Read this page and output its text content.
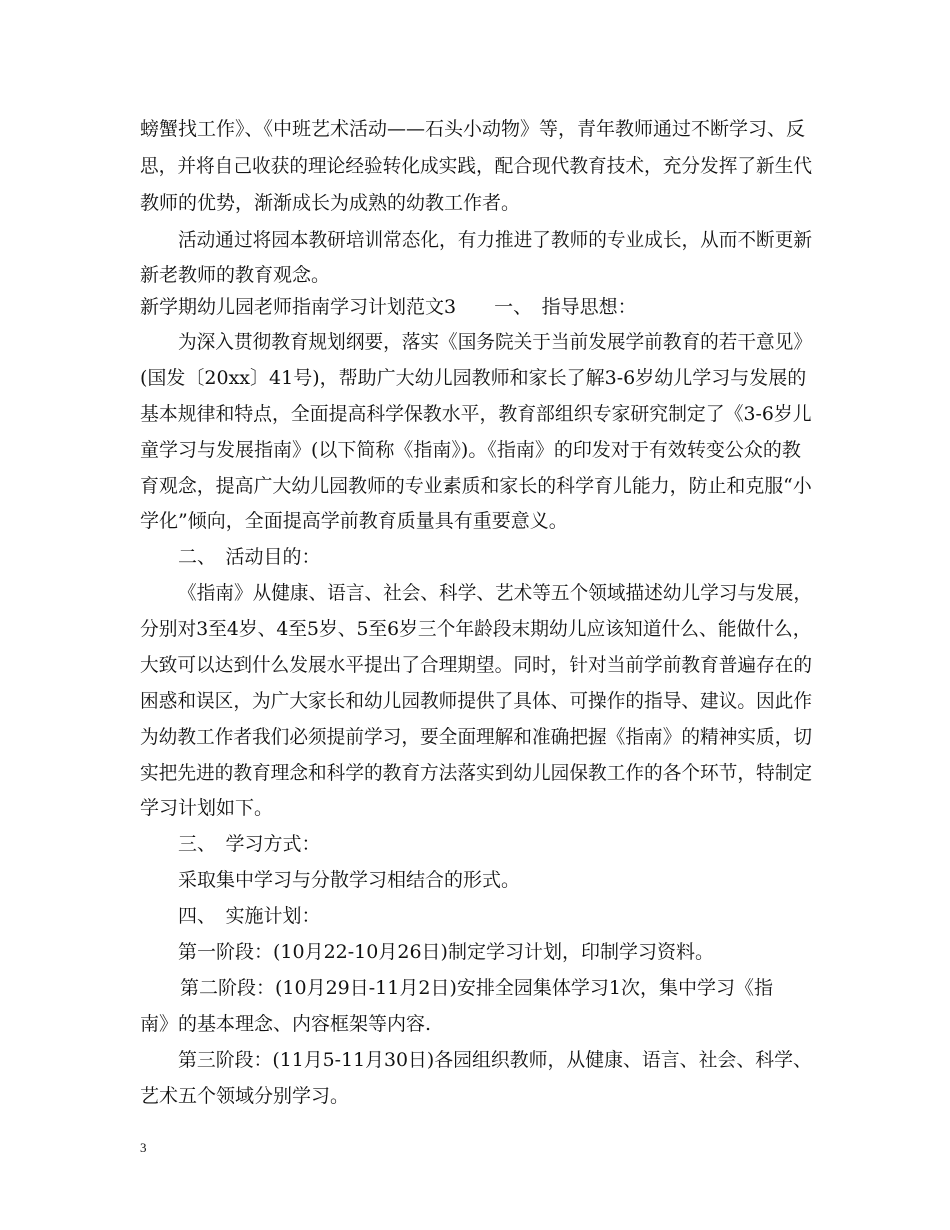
螃蟹找工作》、《中班艺术活动——石头小动物》等，青年教师通过不断学习、反
思，并将自己收获的理论经验转化成实践，配合现代教育技术，充分发挥了新生代
教师的优势，渐渐成长为成熟的幼教工作者。
活动通过将园本教研培训常态化，有力推进了教师的专业成长，从而不断更新
新老教师的教育观念。
新学期幼儿园老师指南学习计划范文3　　一、　指导思想：
为深入贯彻教育规划纲要，落实《国务院关于当前发展学前教育的若干意见》
(国发〔20xx〕41号)，帮助广大幼儿园教师和家长了解3-6岁幼儿学习与发展的
基本规律和特点，全面提高科学保教水平，教育部组织专家研究制定了《3-6岁儿
童学习与发展指南》(以下简称《指南》)。《指南》的印发对于有效转变公众的教
育观念，提高广大幼儿园教师的专业素质和家长的科学育儿能力，防止和克服“小
学化”倾向，全面提高学前教育质量具有重要意义。
二、　活动目的：
《指南》从健康、语言、社会、科学、艺术等五个领域描述幼儿学习与发展，
分别对3至4岁、4至5岁、5至6岁三个年龄段末期幼儿应该知道什么、能做什么，
大致可以达到什么发展水平提出了合理期望。同时，针对当前学前教育普遍存在的
困惑和误区，为广大家长和幼儿园教师提供了具体、可操作的指导、建议。因此作
为幼教工作者我们必须提前学习，要全面理解和准确把握《指南》的精神实质，切
实把先进的教育理念和科学的教育方法落实到幼儿园保教工作的各个环节，特制定
学习计划如下。
三、　学习方式：
采取集中学习与分散学习相结合的形式。
四、　实施计划：
第一阶段：(10月22-10月26日)制定学习计划，印制学习资料。
第二阶段：(10月29日-11月2日)安排全园集体学习1次，集中学习《指
南》的基本理念、内容框架等内容.
第三阶段：(11月5-11月30日)各园组织教师，从健康、语言、社会、科学、
艺术五个领域分别学习。
3
